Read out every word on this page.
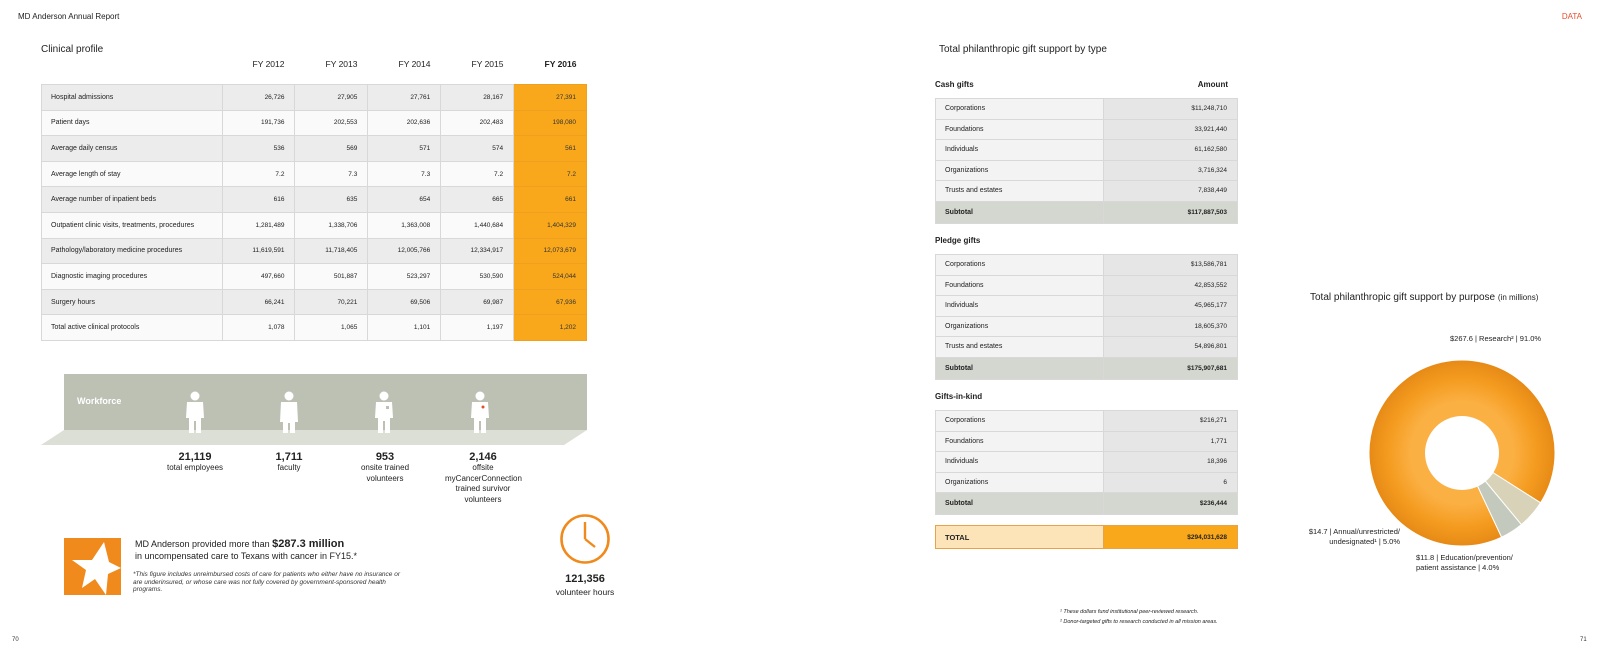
MD Anderson Annual Report	DATA
Clinical profile
FY 2012	FY 2013	FY 2014	FY 2015	FY 2016
Hospital admissions	26,726	27,905	27,761	28,167	27,391
Patient days	191,736	202,553	202,636	202,483	198,080
Average daily census	536	569	571	574	561
Average length of stay	7.2	7.3	7.3	7.2	7.2
Average number of inpatient beds	616	635	654	665	661
Outpatient clinic visits, treatments, procedures	1,281,489	1,338,706	1,363,008	1,440,684	1,404,329
Pathology/laboratory medicine procedures	11,619,591	11,718,405	12,005,766	12,334,917	12,073,679
Diagnostic imaging procedures	497,660	501,887	523,297	530,590	524,044
Surgery hours	66,241	70,221	69,506	69,987	67,936
Total active clinical protocols	1,078	1,065	1,101	1,197	1,202
Workforce
21,119
total employees
1,711
faculty
953
onsite trained volunteers
2,146
offsite myCancerConnection trained survivor volunteers
MD Anderson provided more than $287.3 million
in uncompensated care to Texans with cancer in FY15.*
*This figure includes unreimbursed costs of care for patients who either have no insurance or are underinsured, or whose care was not fully covered by government-sponsored health programs.
121,356
volunteer hours
70
Total philanthropic gift support by type
Cash gifts	Amount
Corporations	$11,248,710
Foundations	33,921,440
Individuals	61,162,580
Organizations	3,716,324
Trusts and estates	7,838,449
Subtotal	$117,887,503
Pledge gifts
Corporations	$13,586,781
Foundations	42,853,552
Individuals	45,965,177
Organizations	18,605,370
Trusts and estates	54,896,801
Subtotal	$175,907,681
Gifts-in-kind
Corporations	$216,271
Foundations	1,771
Individuals	18,396
Organizations	6
Subtotal	$236,444
TOTAL	$294,031,628
Total philanthropic gift support by purpose (in millions)
$267.6 | Research² | 91.0%
$14.7 | Annual/unrestricted/
undesignated¹ | 5.0%
$11.8 | Education/prevention/
patient assistance | 4.0%
¹ These dollars fund institutional peer-reviewed research.
² Donor-targeted gifts to research conducted in all mission areas.
71
